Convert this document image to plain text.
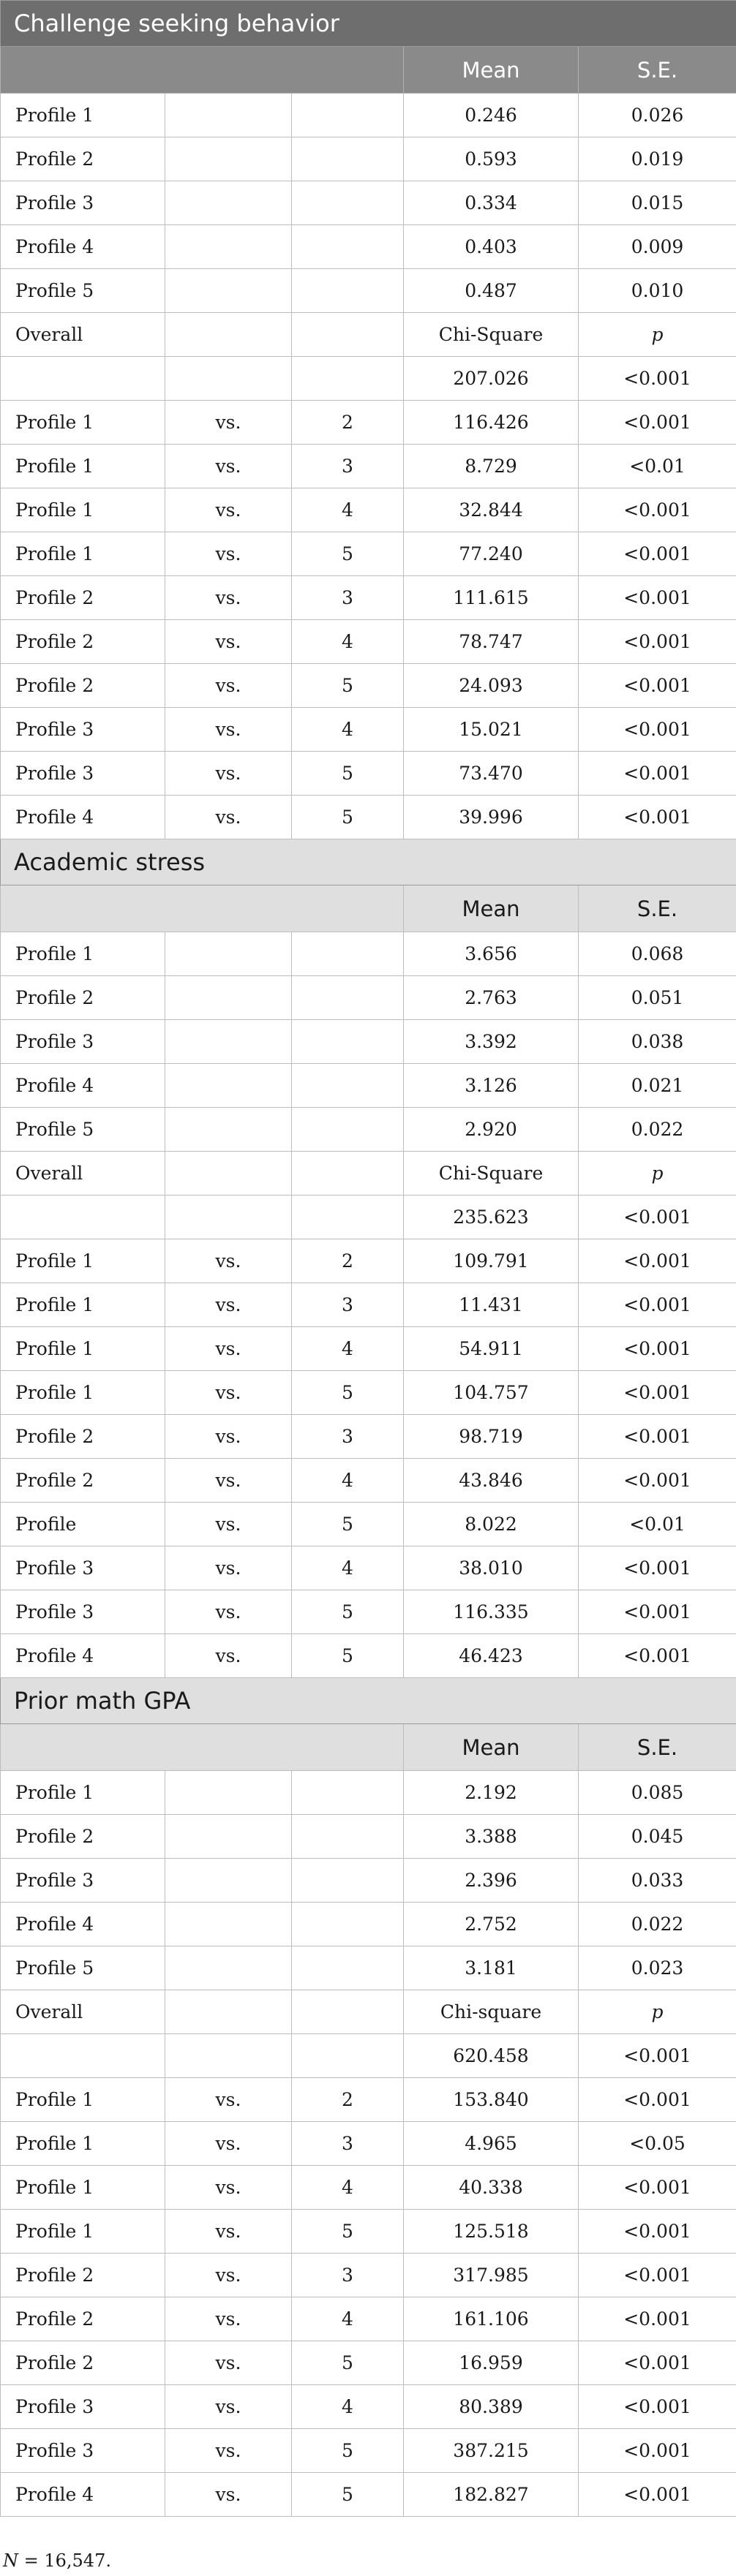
Challenge seeking behavior				
			Mean	S.E.
Profile 1			0.246	0.026
Profile 2			0.593	0.019
Profile 3			0.334	0.015
Profile 4			0.403	0.009
Profile 5			0.487	0.010
Overall			Chi-Square	p
			207.026	<0.001
Profile 1	vs.	2	116.426	<0.001
Profile 1	vs.	3	8.729	<0.01
Profile 1	vs.	4	32.844	<0.001
Profile 1	vs.	5	77.240	<0.001
Profile 2	vs.	3	111.615	<0.001
Profile 2	vs.	4	78.747	<0.001
Profile 2	vs.	5	24.093	<0.001
Profile 3	vs.	4	15.021	<0.001
Profile 3	vs.	5	73.470	<0.001
Profile 4	vs.	5	39.996	<0.001
Academic stress				
			Mean	S.E.
Profile 1			3.656	0.068
Profile 2			2.763	0.051
Profile 3			3.392	0.038
Profile 4			3.126	0.021
Profile 5			2.920	0.022
Overall			Chi-Square	p
			235.623	<0.001
Profile 1	vs.	2	109.791	<0.001
Profile 1	vs.	3	11.431	<0.001
Profile 1	vs.	4	54.911	<0.001
Profile 1	vs.	5	104.757	<0.001
Profile 2	vs.	3	98.719	<0.001
Profile 2	vs.	4	43.846	<0.001
Profile	vs.	5	8.022	<0.01
Profile 3	vs.	4	38.010	<0.001
Profile 3	vs.	5	116.335	<0.001
Profile 4	vs.	5	46.423	<0.001
Prior math GPA				
			Mean	S.E.
Profile 1			2.192	0.085
Profile 2			3.388	0.045
Profile 3			2.396	0.033
Profile 4			2.752	0.022
Profile 5			3.181	0.023
Overall			Chi-square	p
			620.458	<0.001
Profile 1	vs.	2	153.840	<0.001
Profile 1	vs.	3	4.965	<0.05
Profile 1	vs.	4	40.338	<0.001
Profile 1	vs.	5	125.518	<0.001
Profile 2	vs.	3	317.985	<0.001
Profile 2	vs.	4	161.106	<0.001
Profile 2	vs.	5	16.959	<0.001
Profile 3	vs.	4	80.389	<0.001
Profile 3	vs.	5	387.215	<0.001
Profile 4	vs.	5	182.827	<0.001
N = 16,547.
